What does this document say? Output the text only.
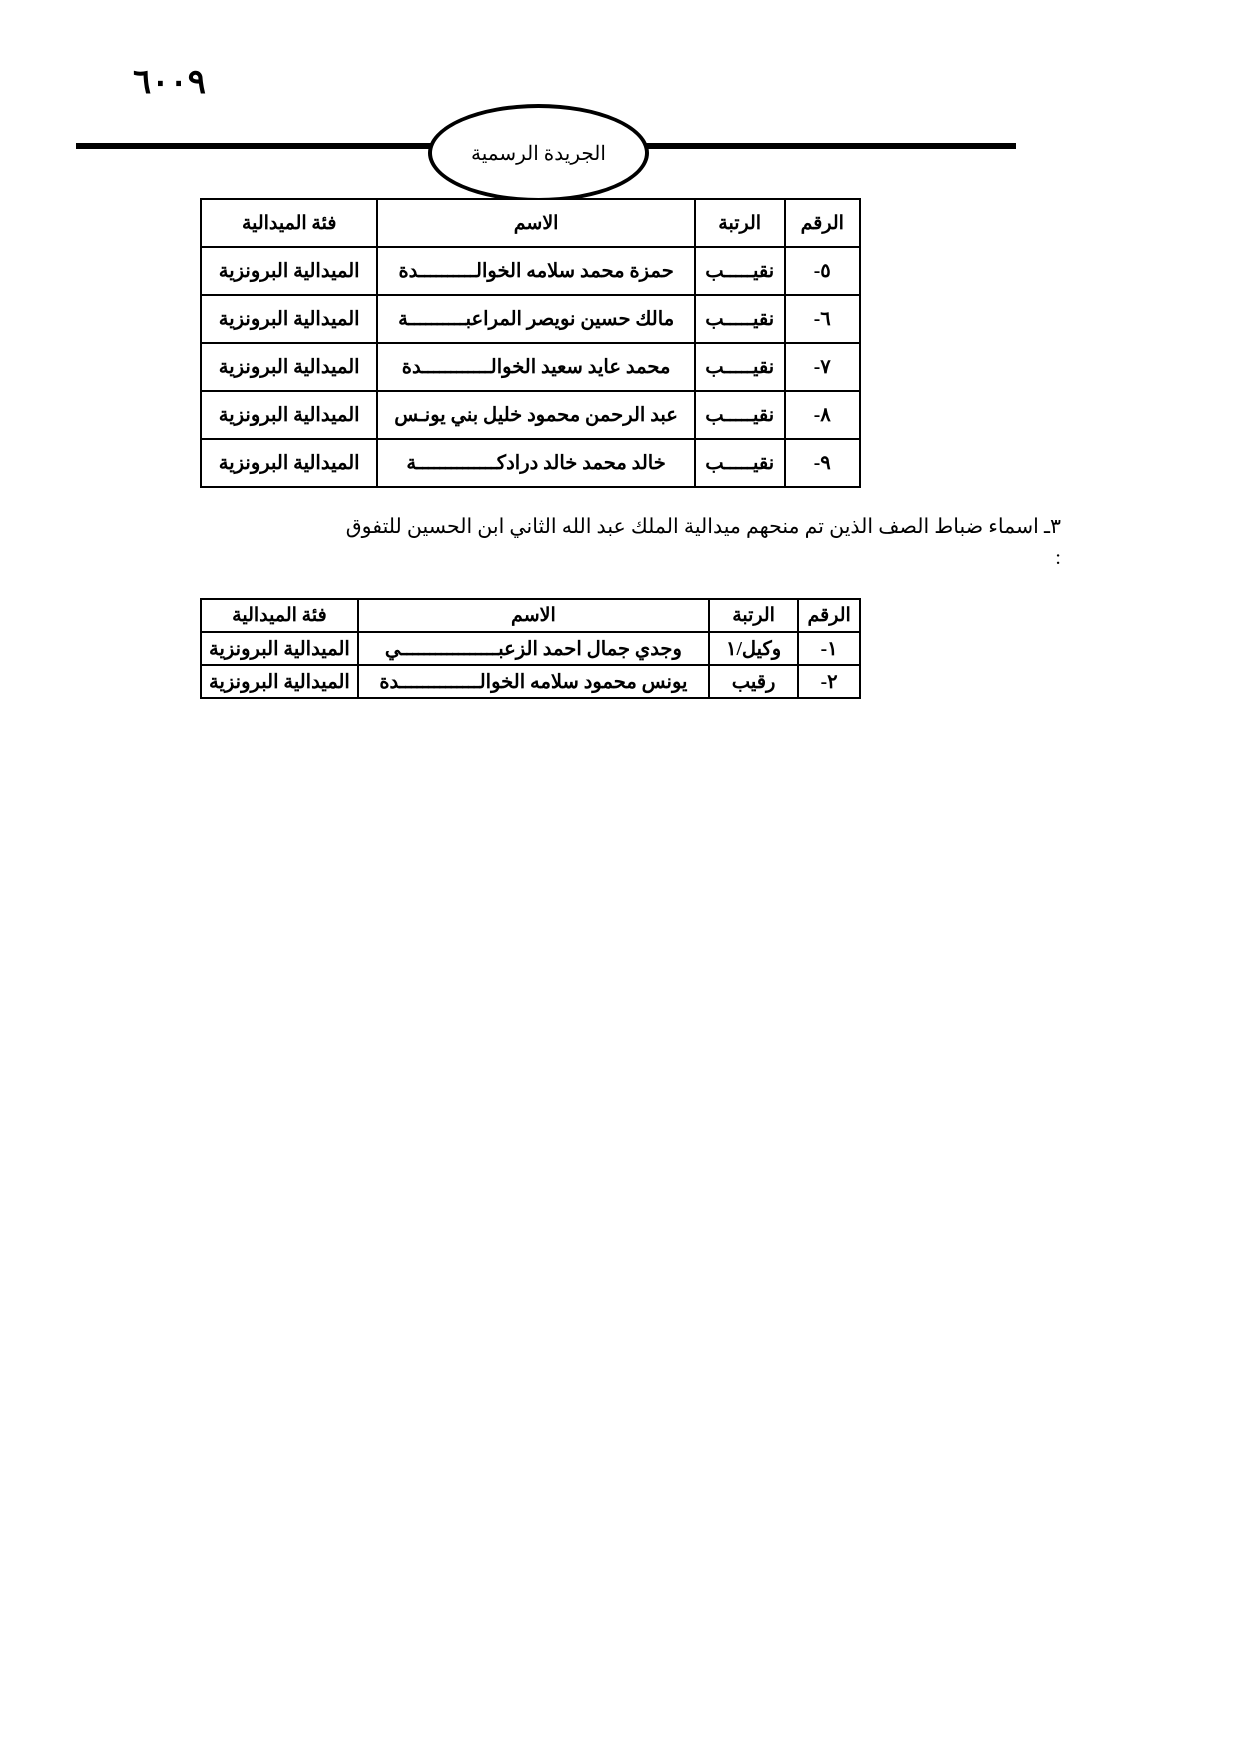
٦٠٠٩
الجريدة الرسمية
الرقم	الرتبة	الاسم	فئة الميدالية
٥-	نقيـــــب	حمزة محمد سلامه الخوالــــــــــدة	الميدالية البرونزية
٦-	نقيـــــب	مالك حسين نويصر المراعبــــــــــة	الميدالية البرونزية
٧-	نقيـــــب	محمد عايد سعيد الخوالــــــــــــدة	الميدالية البرونزية
٨-	نقيـــــب	عبد الرحمن محمود خليل بني يونـس	الميدالية البرونزية
٩-	نقيـــــب	خالد محمد خالد درادكــــــــــــــة	الميدالية البرونزية
٣ـ اسماء ضباط الصف الذين تم منحهم ميدالية الملك عبد الله الثاني ابن الحسين للتفوق :
الرقم	الرتبة	الاسم	فئة الميدالية
١-	وكيل/١	وجدي جمال احمد الزعبـــــــــــــــــي	الميدالية البرونزية
٢-	رقيب	يونس محمود سلامه الخوالــــــــــــــدة	الميدالية البرونزية
